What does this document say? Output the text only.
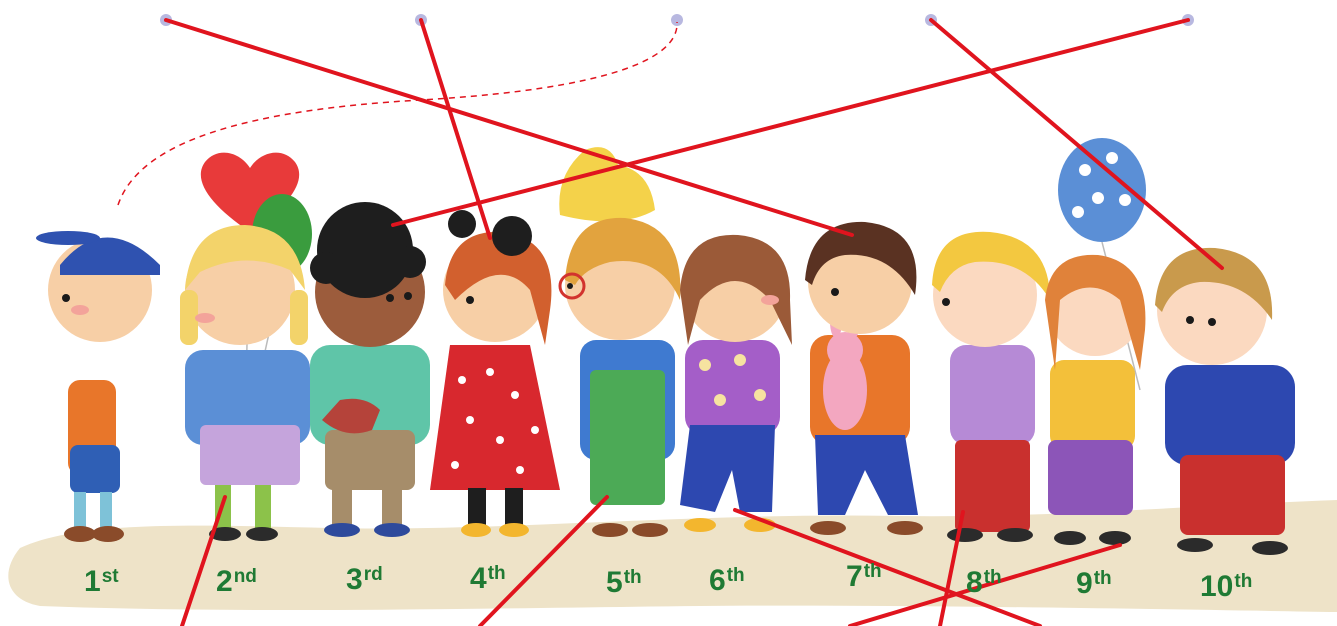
1st	2nd	3rd	4th	5th 6th	7th	8th 9th	10th
